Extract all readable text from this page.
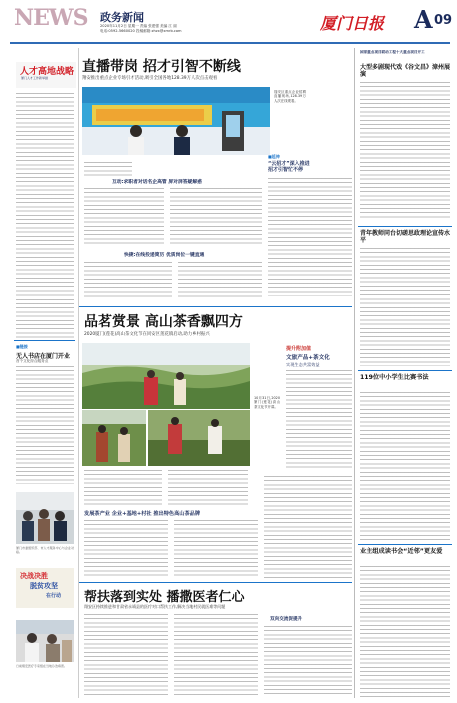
NEWS 政务新闻
2020年11月2日 星期一 责编 张建强 美编 江 丽
电话:0592-5660020 投稿邮箱:zhzx@xmrb.com	厦门日报 A 09
人才高地战略
厦门人才工作新举措
■链接
无人书店在厦门开业
首个文化综合服务点
厦门市委组织部、市人才服务中心与企业对接。
决战决胜
脱贫攻坚
在行动
日前翔安医疗专家组在当地诊治病患。
直播带岗 招才引智不断线
翔安推出重点企业专场引才活动,吸引全国各地128.39万人次点击观看
翔安区重点企业招聘直播现场,128.39万人次在线观看。
互动:求职者对话名企高管 屏对屏答疑解惑
快捷:在线投递简历 优质岗位一键直通
■延伸
“云招才”深入推进
招才引智忙不停
品茗赏景 高山茶香飘四方
2020厦门(莲花)高山茶文化节在同安区莲花镇启动,助力乡村振兴
10月31日,2020厦门(莲花)高山茶文化节开幕。
提升附加值
文旅产品+茶文化
实现生态共富效益
发展茶产业 企业+基地+村社 推出特色高山茶品牌
帮扶落到实处 播撒医者仁心
翔安区持续推进和甘肃省永靖县的医疗对口帮扶工作,解决当地村民就医难等问题
双向交流促提升
国家重点项目联动工程十大重点项目开工
大型多剧现代戏《谷文昌》漳州展演
青年教师同台切磋思政理论宣传水平
119位中小学生比赛书法
业主组成读书会“近邻”更友爱
